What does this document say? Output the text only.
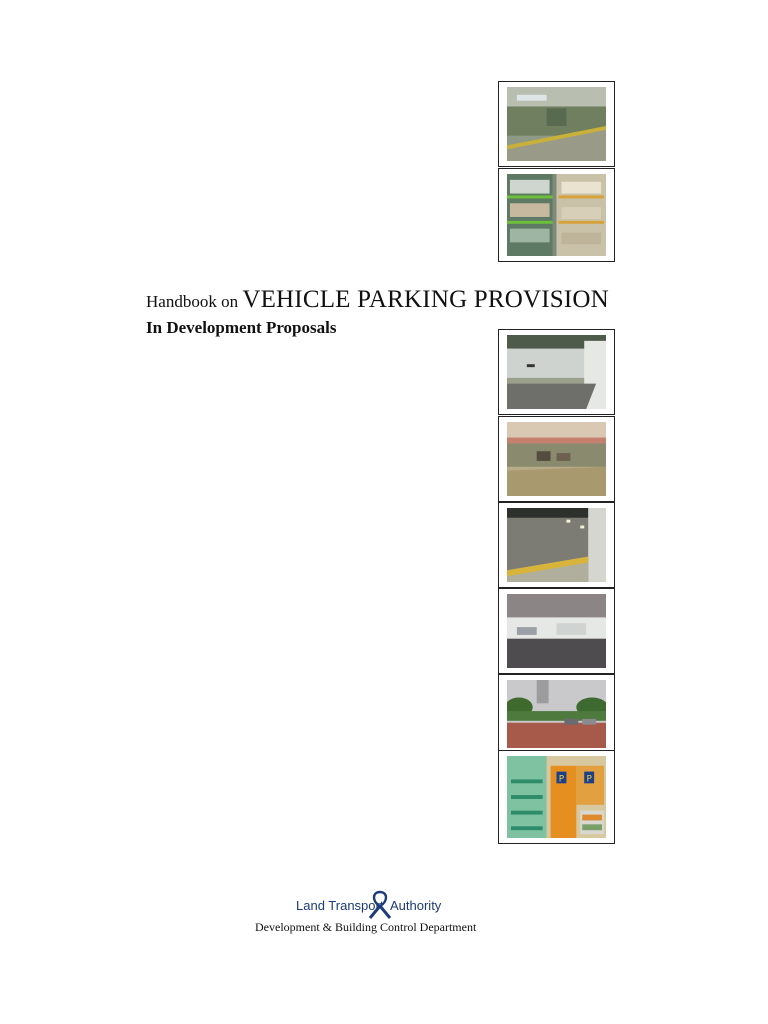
Handbook on VEHICLE PARKING PROVISION
In Development Proposals
P P
Land Transport Authority
Development & Building Control Department
